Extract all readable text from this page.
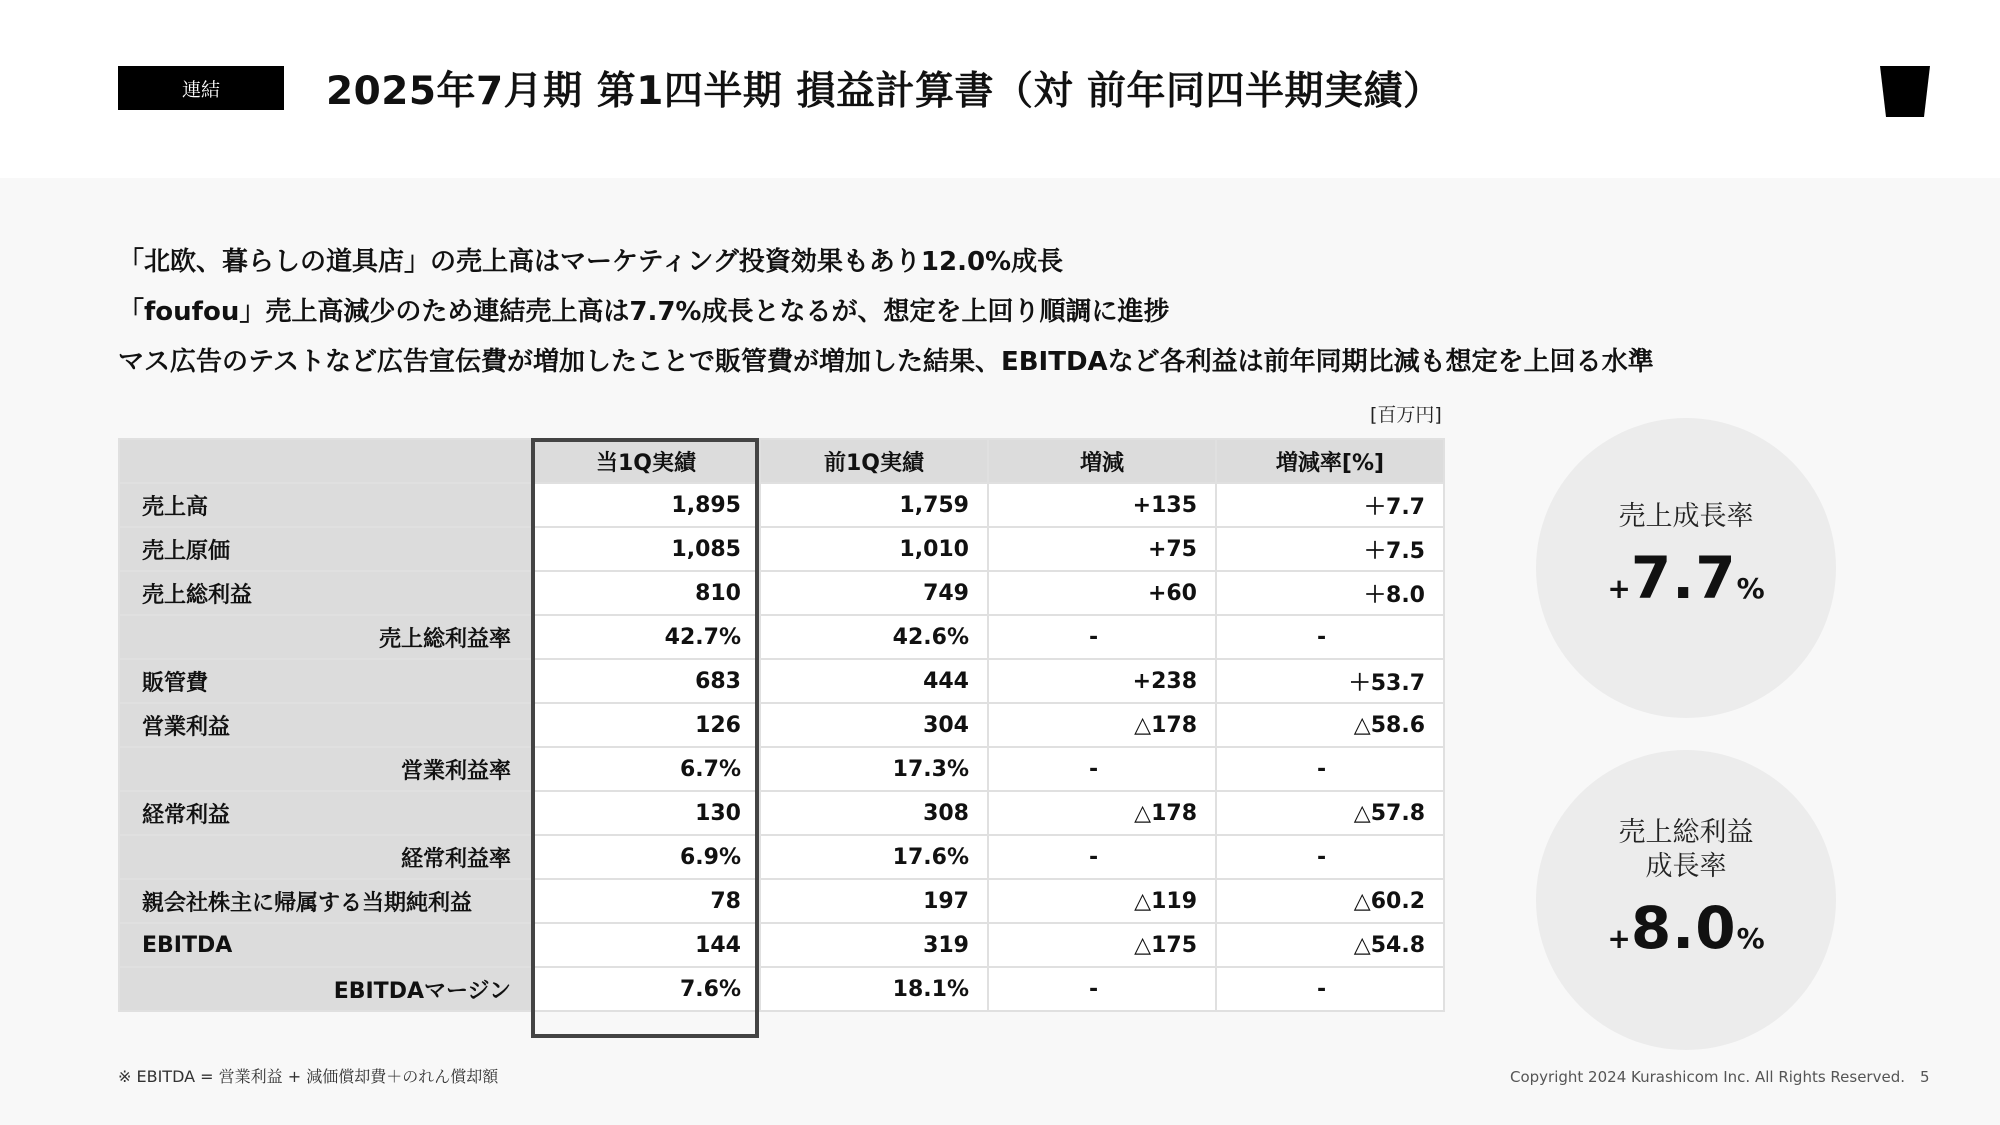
連結	2025年7月期 第1四半期 損益計算書（対 前年同四半期実績）
「北欧、暮らしの道具店」の売上高はマーケティング投資効果もあり12.0%成長
「foufou」売上高減少のため連結売上高は7.7%成長となるが、想定を上回り順調に進捗
マス広告のテストなど広告宣伝費が増加したことで販管費が増加した結果、EBITDAなど各利益は前年同期比減も想定を上回る水準
[百万円]
	当1Q実績	前1Q実績	増減	増減率[%]
売上高	1,895	1,759	+135	＋7.7
売上原価	1,085	1,010	+75	＋7.5
売上総利益	810	749	+60	＋8.0
売上総利益率	42.7%	42.6%	-	-
販管費	683	444	+238	＋53.7
営業利益	126	304	△178	△58.6
営業利益率	6.7%	17.3%	-	-
経常利益	130	308	△178	△57.8
経常利益率	6.9%	17.6%	-	-
親会社株主に帰属する当期純利益	78	197	△119	△60.2
EBITDA	144	319	△175	△54.8
EBITDAマージン	7.6%	18.1%	-	-
売上成長率
+7.7%
売上総利益
成長率
+8.0%
※ EBITDA = 営業利益 + 減価償却費＋のれん償却額	Copyright 2024 Kurashicom Inc. All Rights Reserved. 5
